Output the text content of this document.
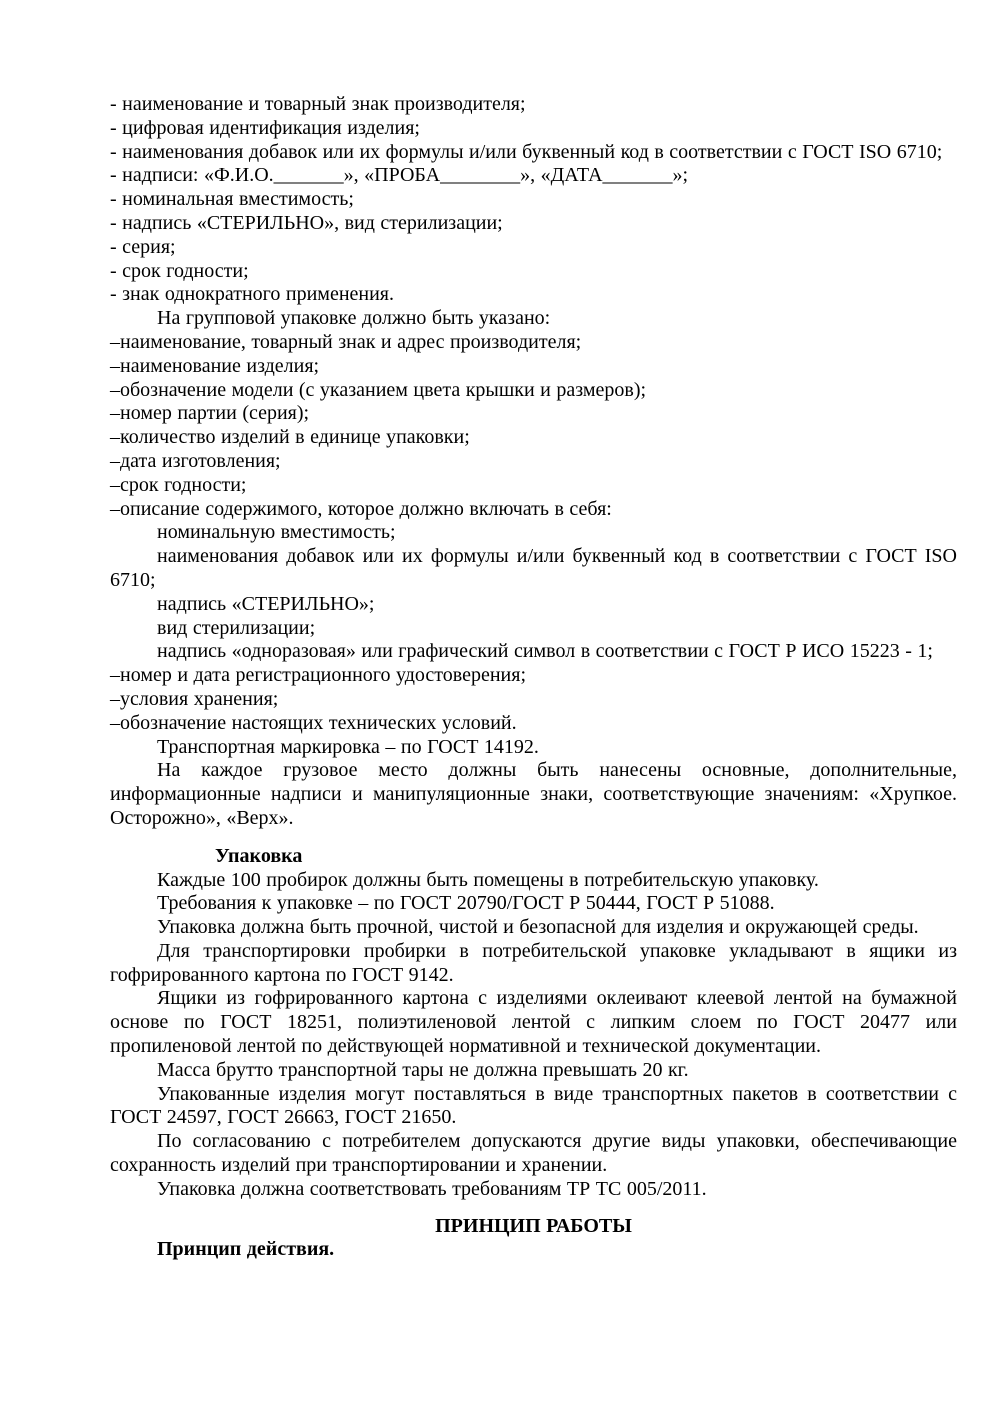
- наименование и товарный знак производителя;

- цифровая идентификация изделия;

- наименования добавок или их формулы и/или буквенный код в соответствии с ГОСТ ISO 6710;

- надписи: «Ф.И.О._______», «ПРОБА________», «ДАТА_______»;

- номинальная вместимость;

- надпись «СТЕРИЛЬНО», вид стерилизации;

- серия;

- срок годности;

- знак однократного применения.

На групповой упаковке должно быть указано:

–наименование, товарный знак и адрес производителя;

–наименование изделия;

–обозначение модели (с указанием цвета крышки и размеров);

–номер партии (серия);

–количество изделий в единице упаковки;

–дата изготовления;

–срок годности;

–описание содержимого, которое должно включать в себя:

номинальную вместимость;

наименования добавок или их формулы и/или буквенный код в соответствии с ГОСТ ISO 6710;

надпись «СТЕРИЛЬНО»;

вид стерилизации;

надпись «одноразовая» или графический символ в соответствии с ГОСТ Р ИСО 15223 - 1;

–номер и дата регистрационного удостоверения;

–условия хранения;

–обозначение настоящих технических условий.

Транспортная маркировка – по ГОСТ 14192.

На каждое грузовое место должны быть нанесены основные, дополнительные, информационные надписи и манипуляционные знаки, соответствующие значениям: «Хрупкое. Осторожно», «Верх».

Упаковка

Каждые 100 пробирок должны быть помещены в потребительскую упаковку.

Требования к упаковке – по ГОСТ 20790/ГОСТ Р 50444, ГОСТ Р 51088.

Упаковка должна быть прочной, чистой и безопасной для изделия и окружающей среды.

Для транспортировки пробирки в потребительской упаковке укладывают в ящики из гофрированного картона по ГОСТ 9142.

Ящики из гофрированного картона с изделиями оклеивают клеевой лентой на бумажной основе по ГОСТ 18251, полиэтиленовой лентой с липким слоем по ГОСТ 20477 или пропиленовой лентой по действующей нормативной и технической документации.

Масса брутто транспортной тары не должна превышать 20 кг.

Упакованные изделия могут поставляться в виде транспортных пакетов в соответствии с ГОСТ 24597, ГОСТ 26663, ГОСТ 21650.

По согласованию с потребителем допускаются другие виды упаковки, обеспечивающие сохранность изделий при транспортировании и хранении.

Упаковка должна соответствовать требованиям ТР ТС 005/2011.

ПРИНЦИП РАБОТЫ

Принцип действия.
